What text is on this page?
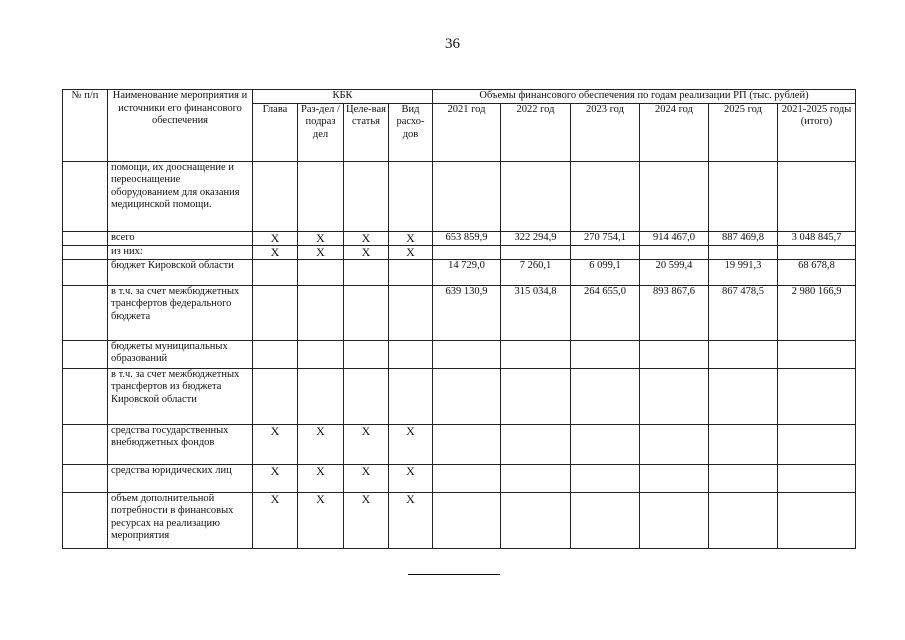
36
№ п/п	Наименование мероприятия и источники его финансового обеспечения	КБК				Объемы финансового обеспечения по годам реализации РП (тыс. рублей)					
		Глава	Раз-дел / подраз дел	Целе-вая статья	Вид расхо-дов	2021 год	2022 год	2023 год	2024 год	2025 год	2021-2025 годы (итого)
	помощи, их дооснащение и переоснащение оборудованием для оказания медицинской помощи.										
	всего	X	X	X	X	653 859,9	322 294,9	270 754,1	914 467,0	887 469,8	3 048 845,7
	из них:	X	X	X	X						
	бюджет Кировской области					14 729,0	7 260,1	6 099,1	20 599,4	19 991,3	68 678,8
	в т.ч. за счет межбюджетных трансфертов федерального бюджета					639 130,9	315 034,8	264 655,0	893 867,6	867 478,5	2 980 166,9
	бюджеты муниципальных образований										
	в т.ч. за счет межбюджетных трансфертов из бюджета Кировской области										
	средства государственных внебюджетных фондов	X	X	X	X						
	средства юридических лиц	X	X	X	X						
	объем дополнительной потребности в финансовых ресурсах на реализацию мероприятия	X	X	X	X						
